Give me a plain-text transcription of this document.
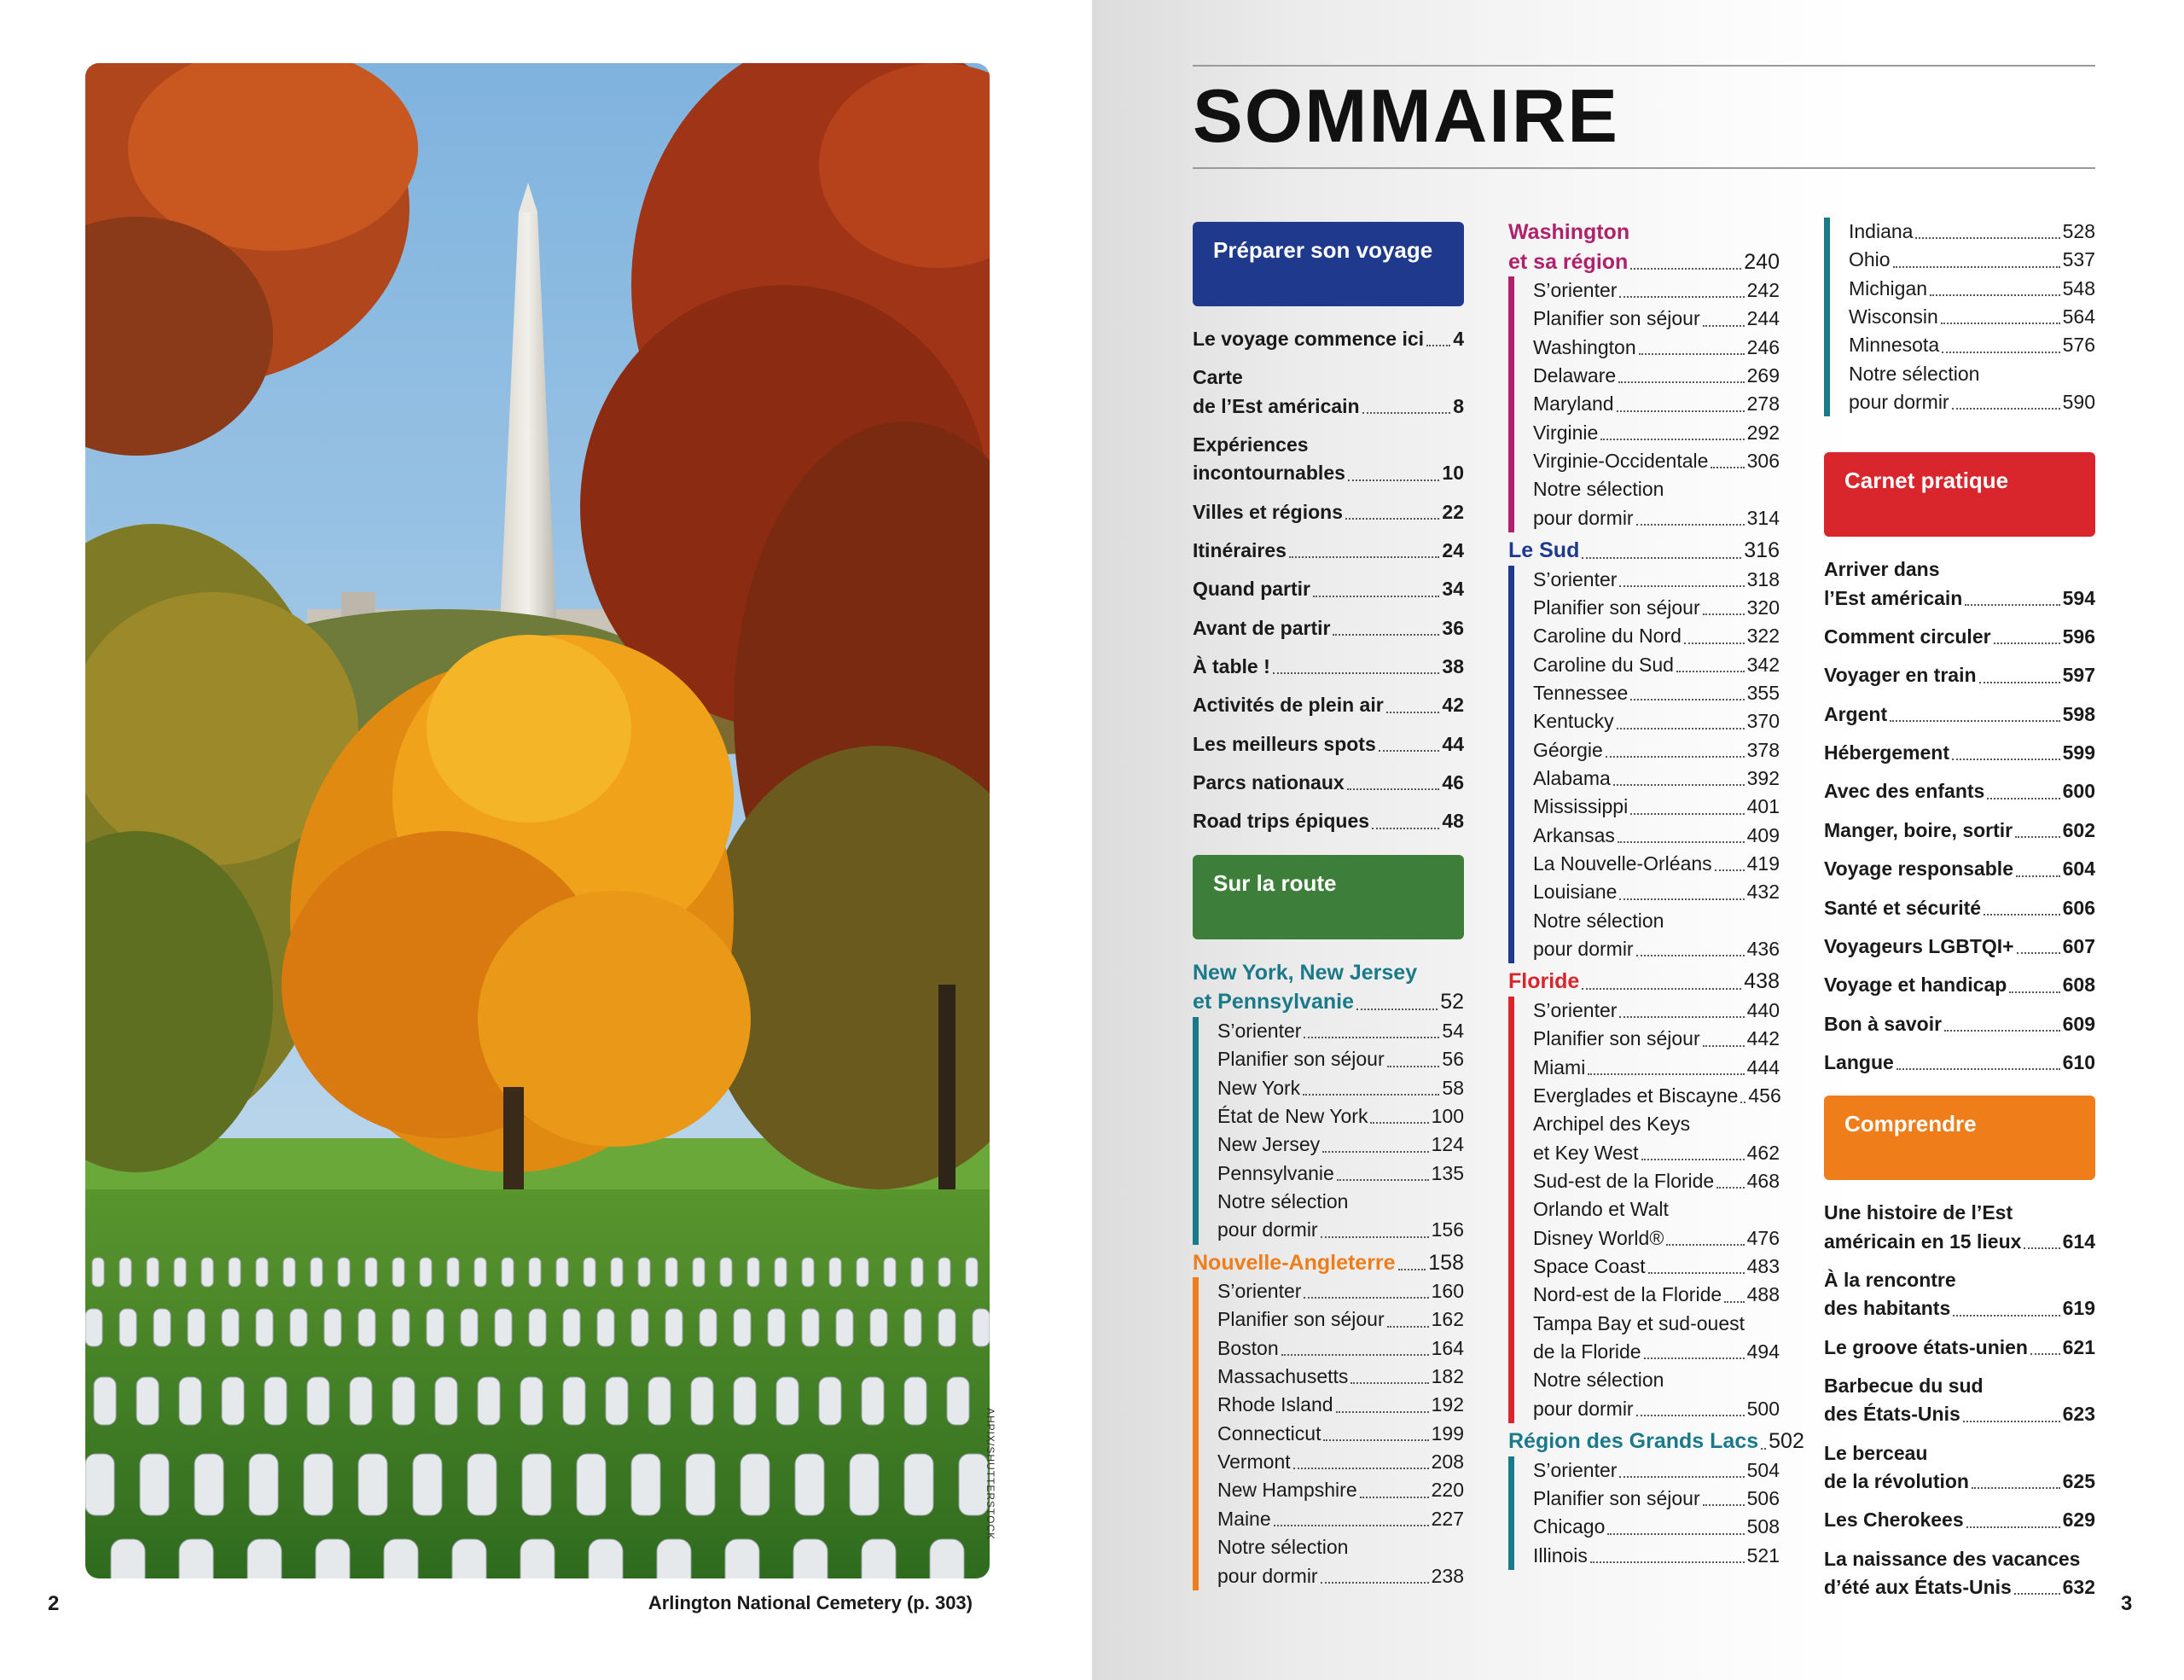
AHPIX/SHUTTERSTOCK
2	Arlington National Cemetery (p. 303)
SOMMAIRE
Préparer son voyage
Le voyage commence ici 4
Carte
de l’Est américain	8
Expériences
incontournables	10
Villes et régions	22
Itinéraires	24
Quand partir	34
Avant de partir	36
À table !	38
Activités de plein air	42
Les meilleurs spots	44
Parcs nationaux	46
Road trips épiques	48
Sur la route
New York, New Jersey
et Pennsylvanie	52
S’orienter	54
Planifier son séjour	56
New York	58
État de New York	100
New Jersey	124
Pennsylvanie	135
Notre sélection
pour dormir	156
Nouvelle-Angleterre 158
S’orienter	160
Planifier son séjour 162
Boston	164
Massachusetts	182
Rhode Island	192
Connecticut	199
Vermont	208
New Hampshire	220
Maine	227
Notre sélection
pour dormir	238
Washington
et sa région	240
S’orienter	242
Planifier son séjour 244
Washington	246
Delaware	269
Maryland	278
Virginie	292
Virginie-Occidentale 306
Notre sélection
pour dormir	314
Le Sud	316
S’orienter	318
Planifier son séjour 320
Caroline du Nord	322
Caroline du Sud	342
Tennessee	355
Kentucky	370
Géorgie	378
Alabama	392
Mississippi	401
Arkansas	409
La Nouvelle-Orléans 419
Louisiane	432
Notre sélection
pour dormir	436
Floride	438
S’orienter	440
Planifier son séjour 442
Miami	444
Everglades et Biscayne 456
Archipel des Keys
et Key West	462
Sud-est de la Floride 468
Orlando et Walt
Disney World®	476
Space Coast	483
Nord-est de la Floride 488
Tampa Bay et sud-ouest
de la Floride	494
Notre sélection
pour dormir	500
Région des Grands Lacs 502
S’orienter	504
Planifier son séjour 506
Chicago	508
Illinois	521
Indiana	528
Ohio	537
Michigan	548
Wisconsin	564
Minnesota	576
Notre sélection
pour dormir	590
Carnet pratique
Arriver dans
l’Est américain	594
Comment circuler	596
Voyager en train	597
Argent	598
Hébergement	599
Avec des enfants	600
Manger, boire, sortir	602
Voyage responsable	604
Santé et sécurité	606
Voyageurs LGBTQI+ 607
Voyage et handicap	608
Bon à savoir	609
Langue	610
Comprendre
Une histoire de l’Est
américain en 15 lieux 614
À la rencontre
des habitants	619
Le groove états-unien 621
Barbecue du sud
des États-Unis	623
Le berceau
de la révolution	625
Les Cherokees	629
La naissance des vacances
d’été aux États-Unis	632
3
